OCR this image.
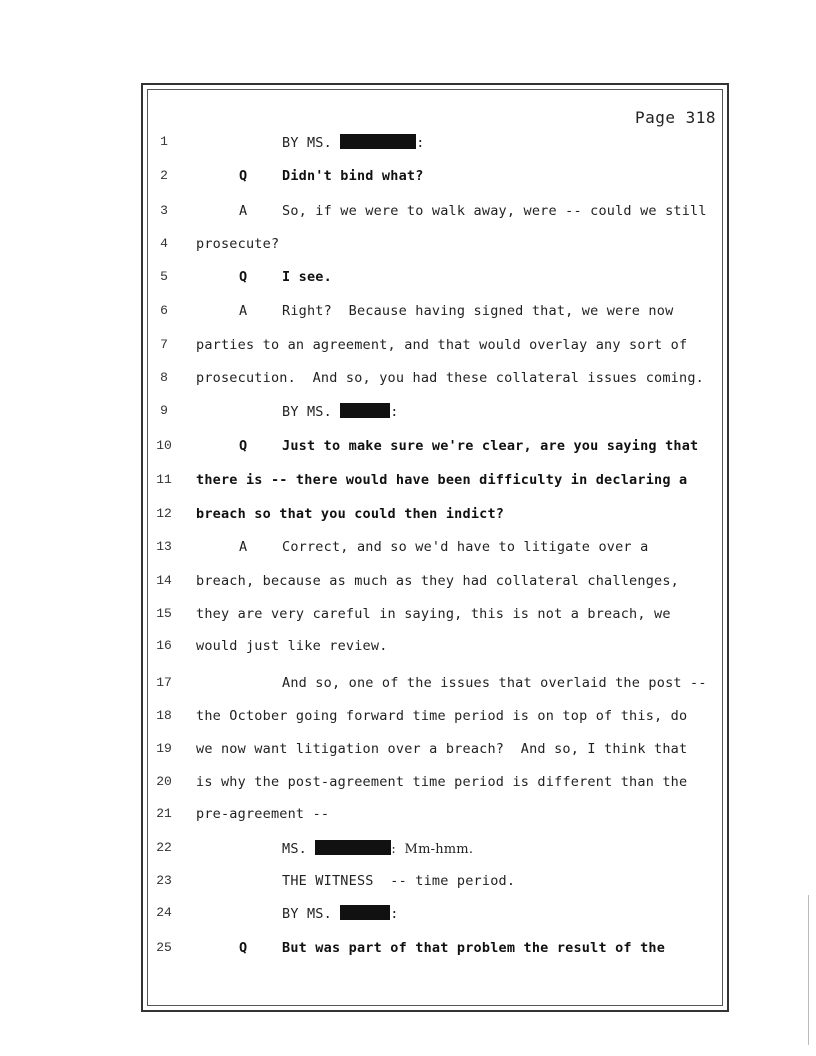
Page 318
1	BY MS.	:
2	Q	Didn't bind what?
3	A	So, if we were to walk away, were -- could we still
4	prosecute?
5	Q	I see.
6	A	Right?  Because having signed that, we were now
7	parties to an agreement, and that would overlay any sort of
8	prosecution.  And so, you had these collateral issues coming.
9	BY MS.	:
10	Q	Just to make sure we're clear, are you saying that
11 there is -- there would have been difficulty in declaring a
12 breach so that you could then indict?
13	A	Correct, and so we'd have to litigate over a
14 breach, because as much as they had collateral challenges,
15 they are very careful in saying, this is not a breach, we
16 would just like review.
17	And so, one of the issues that overlaid the post --
18 the October going forward time period is on top of this, do
19 we now want litigation over a breach?  And so, I think that
20 is why the post-agreement time period is different than the
21 pre-agreement --
22	MS.	:  Mm-hmm.
23	THE WITNESS  -- time period.
24	BY MS.	:
25	Q	But was part of that problem the result of the
